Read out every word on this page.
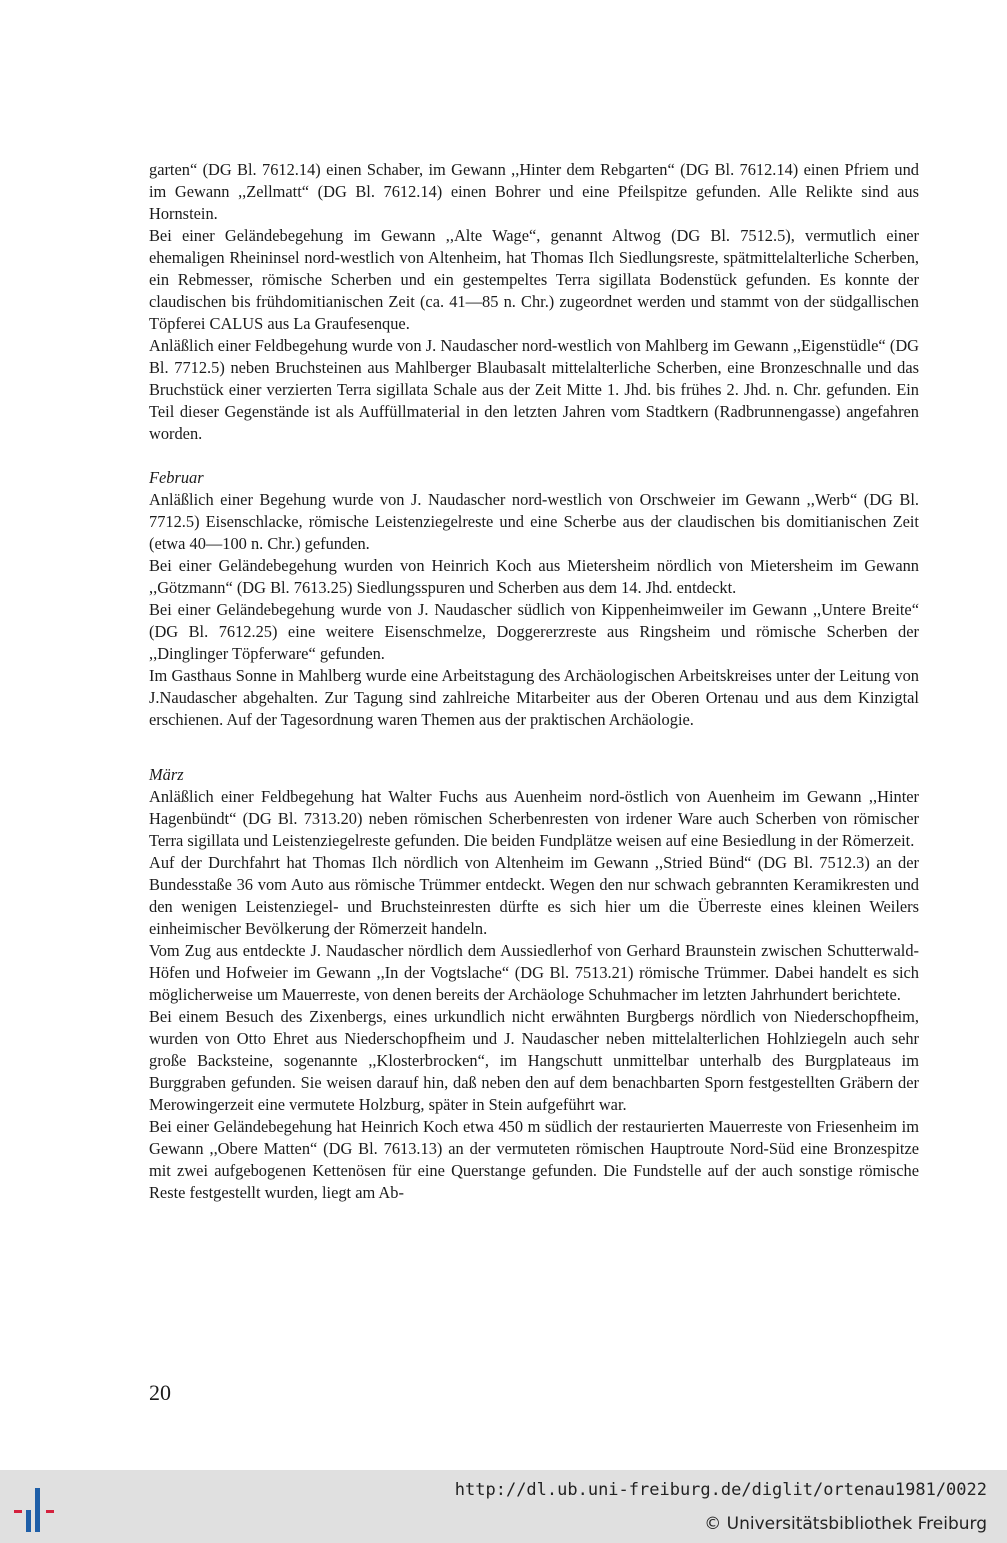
garten“ (DG Bl. 7612.14) einen Schaber, im Gewann ,,Hinter dem Rebgarten“ (DG Bl. 7612.14) einen Pfriem und im Gewann ,,Zellmatt“ (DG Bl. 7612.14) einen Bohrer und eine Pfeilspitze gefunden. Alle Relikte sind aus Hornstein.

Bei einer Geländebegehung im Gewann ,,Alte Wage“, genannt Altwog (DG Bl. 7512.5), vermutlich einer ehemaligen Rheininsel nord-westlich von Altenheim, hat Thomas Ilch Siedlungsreste, spätmittelalterliche Scherben, ein Rebmesser, römische Scherben und ein gestempeltes Terra sigillata Bodenstück gefunden. Es konnte der claudischen bis frühdomitianischen Zeit (ca. 41—85 n. Chr.) zugeordnet werden und stammt von der südgallischen Töpferei CALUS aus La Graufesenque.

Anläßlich einer Feldbegehung wurde von J. Naudascher nord-westlich von Mahlberg im Gewann ,,Eigenstüdle“ (DG Bl. 7712.5) neben Bruchsteinen aus Mahlberger Blaubasalt mittelalterliche Scherben, eine Bronzeschnalle und das Bruchstück einer verzierten Terra sigillata Schale aus der Zeit Mitte 1. Jhd. bis frühes 2. Jhd. n. Chr. gefunden. Ein Teil dieser Gegenstände ist als Auffüllmaterial in den letzten Jahren vom Stadtkern (Radbrunnengasse) angefahren worden.

Februar

Anläßlich einer Begehung wurde von J. Naudascher nord-westlich von Orschweier im Gewann ,,Werb“ (DG Bl. 7712.5) Eisenschlacke, römische Leistenziegelreste und eine Scherbe aus der claudischen bis domitianischen Zeit (etwa 40—100 n. Chr.) gefunden.

Bei einer Geländebegehung wurden von Heinrich Koch aus Mietersheim nördlich von Mietersheim im Gewann ,,Götzmann“ (DG Bl. 7613.25) Siedlungsspuren und Scherben aus dem 14. Jhd. entdeckt.

Bei einer Geländebegehung wurde von J. Naudascher südlich von Kippenheimweiler im Gewann ,,Untere Breite“ (DG Bl. 7612.25) eine weitere Eisenschmelze, Doggererzreste aus Ringsheim und römische Scherben der ,,Dinglinger Töpferware“ gefunden.

Im Gasthaus Sonne in Mahlberg wurde eine Arbeitstagung des Archäologischen Arbeitskreises unter der Leitung von J.Naudascher abgehalten. Zur Tagung sind zahlreiche Mitarbeiter aus der Oberen Ortenau und aus dem Kinzigtal erschienen. Auf der Tagesordnung waren Themen aus der praktischen Archäologie.

März

Anläßlich einer Feldbegehung hat Walter Fuchs aus Auenheim nord-östlich von Auenheim im Gewann ,,Hinter Hagenbündt“ (DG Bl. 7313.20) neben römischen Scherbenresten von irdener Ware auch Scherben von römischer Terra sigillata und Leistenziegelreste gefunden. Die beiden Fundplätze weisen auf eine Besiedlung in der Römerzeit.

Auf der Durchfahrt hat Thomas Ilch nördlich von Altenheim im Gewann ,,Stried Bünd“ (DG Bl. 7512.3) an der Bundesstaße 36 vom Auto aus römische Trümmer entdeckt. Wegen den nur schwach gebrannten Keramikresten und den wenigen Leistenziegel- und Bruchsteinresten dürfte es sich hier um die Überreste eines kleinen Weilers einheimischer Bevölkerung der Römerzeit handeln.

Vom Zug aus entdeckte J. Naudascher nördlich dem Aussiedlerhof von Gerhard Braunstein zwischen Schutterwald-Höfen und Hofweier im Gewann ,,In der Vogtslache“ (DG Bl. 7513.21) römische Trümmer. Dabei handelt es sich möglicherweise um Mauerreste, von denen bereits der Archäologe Schuhmacher im letzten Jahrhundert berichtete.

Bei einem Besuch des Zixenbergs, eines urkundlich nicht erwähnten Burgbergs nördlich von Niederschopfheim, wurden von Otto Ehret aus Niederschopfheim und J. Naudascher neben mittelalterlichen Hohlziegeln auch sehr große Backsteine, sogenannte ,,Klosterbrocken“, im Hangschutt unmittelbar unterhalb des Burgplateaus im Burggraben gefunden. Sie weisen darauf hin, daß neben den auf dem benachbarten Sporn festgestellten Gräbern der Merowingerzeit eine vermutete Holzburg, später in Stein aufgeführt war.

Bei einer Geländebegehung hat Heinrich Koch etwa 450 m südlich der restaurierten Mauerreste von Friesenheim im Gewann ,,Obere Matten“ (DG Bl. 7613.13) an der vermuteten römischen Hauptroute Nord-Süd eine Bronzespitze mit zwei aufgebogenen Kettenösen für eine Querstange gefunden. Die Fundstelle auf der auch sonstige römische Reste festgestellt wurden, liegt am Ab-

20
http://dl.ub.uni-freiburg.de/diglit/ortenau1981/0022
© Universitätsbibliothek Freiburg
